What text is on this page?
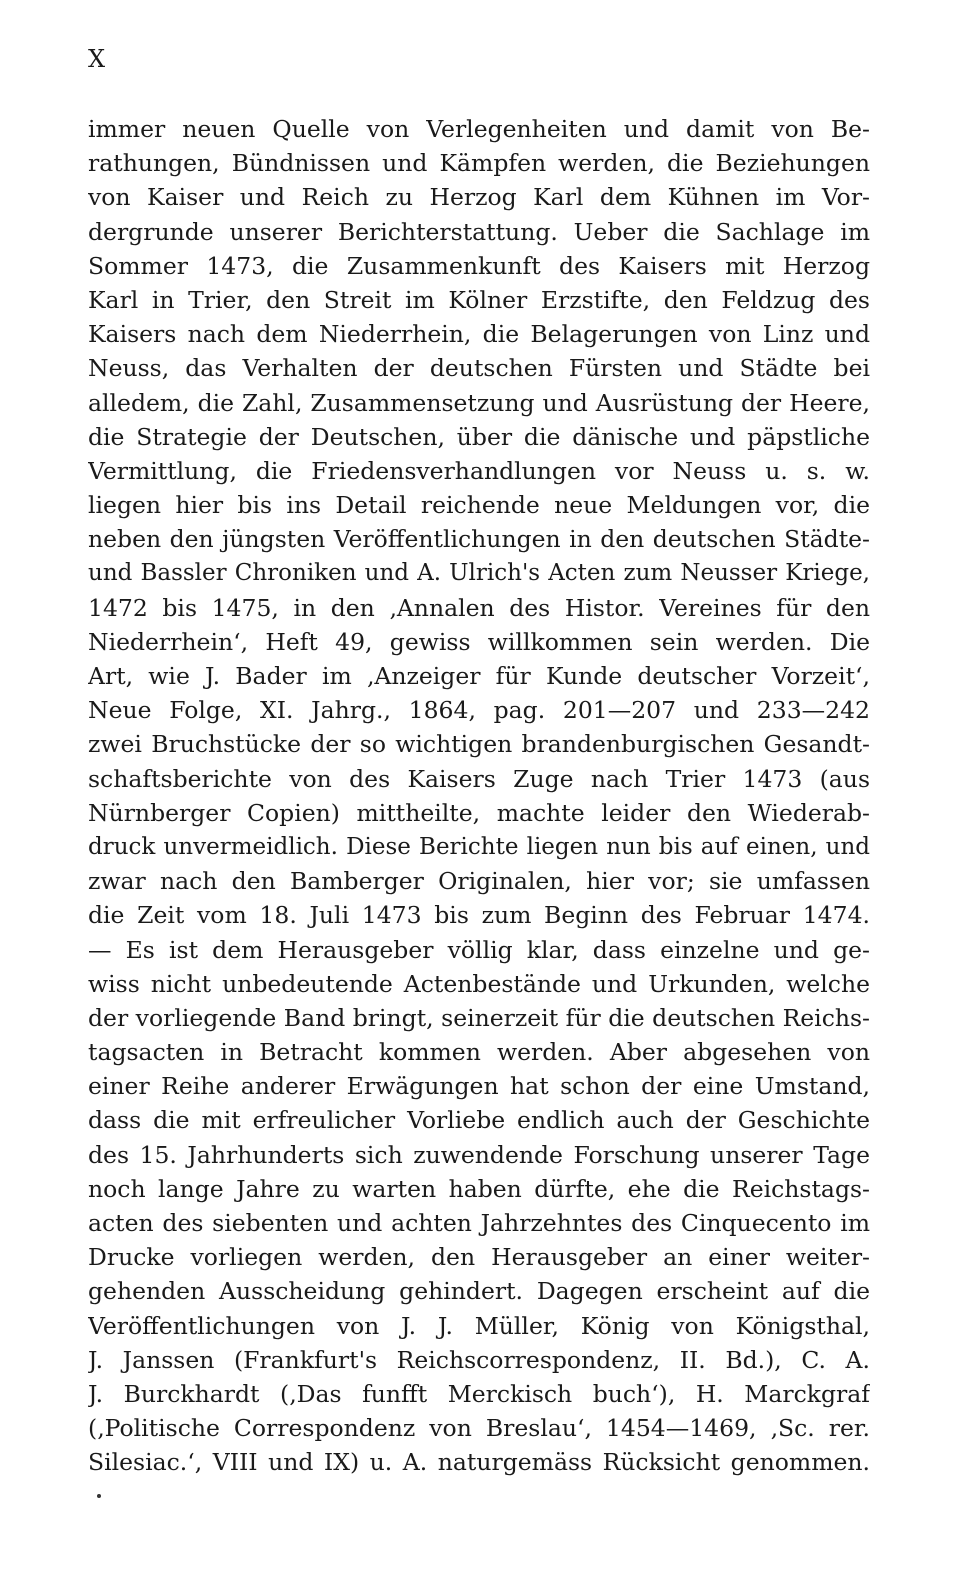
X
immer neuen Quelle von Verlegenheiten und damit von Be-
rathungen, Bündnissen und Kämpfen werden, die Beziehungen
von Kaiser und Reich zu Herzog Karl dem Kühnen im Vor-
dergrunde unserer Berichterstattung. Ueber die Sachlage im
Sommer 1473, die Zusammenkunft des Kaisers mit Herzog
Karl in Trier, den Streit im Kölner Erzstifte, den Feldzug des
Kaisers nach dem Niederrhein, die Belagerungen von Linz und
Neuss, das Verhalten der deutschen Fürsten und Städte bei
alledem, die Zahl, Zusammensetzung und Ausrüstung der Heere,
die Strategie der Deutschen, über die dänische und päpstliche
Vermittlung, die Friedensverhandlungen vor Neuss u. s. w.
liegen hier bis ins Detail reichende neue Meldungen vor, die
neben den jüngsten Veröffentlichungen in den deutschen Städte-
und Bassler Chroniken und A. Ulrich's Acten zum Neusser Kriege,
1472 bis 1475, in den ‚Annalen des Histor. Vereines für den
Niederrhein‘, Heft 49, gewiss willkommen sein werden. Die
Art, wie J. Bader im ‚Anzeiger für Kunde deutscher Vorzeit‘,
Neue Folge, XI. Jahrg., 1864, pag. 201—207 und 233—242
zwei Bruchstücke der so wichtigen brandenburgischen Gesandt-
schaftsberichte von des Kaisers Zuge nach Trier 1473 (aus
Nürnberger Copien) mittheilte, machte leider den Wiederab-
druck unvermeidlich. Diese Berichte liegen nun bis auf einen, und
zwar nach den Bamberger Originalen, hier vor; sie umfassen
die Zeit vom 18. Juli 1473 bis zum Beginn des Februar 1474.
— Es ist dem Herausgeber völlig klar, dass einzelne und ge-
wiss nicht unbedeutende Actenbestände und Urkunden, welche
der vorliegende Band bringt, seinerzeit für die deutschen Reichs-
tagsacten in Betracht kommen werden. Aber abgesehen von
einer Reihe anderer Erwägungen hat schon der eine Umstand,
dass die mit erfreulicher Vorliebe endlich auch der Geschichte
des 15. Jahrhunderts sich zuwendende Forschung unserer Tage
noch lange Jahre zu warten haben dürfte, ehe die Reichstags-
acten des siebenten und achten Jahrzehntes des Cinquecento im
Drucke vorliegen werden, den Herausgeber an einer weiter-
gehenden Ausscheidung gehindert. Dagegen erscheint auf die
Veröffentlichungen von J. J. Müller, König von Königsthal,
J. Janssen (Frankfurt's Reichscorrespondenz, II. Bd.), C. A.
J. Burckhardt (‚Das funfft Merckisch buch‘), H. Marckgraf
(‚Politische Correspondenz von Breslau‘, 1454—1469, ‚Sc. rer.
Silesiac.‘, VIII und IX) u. A. naturgemäss Rücksicht genommen.
